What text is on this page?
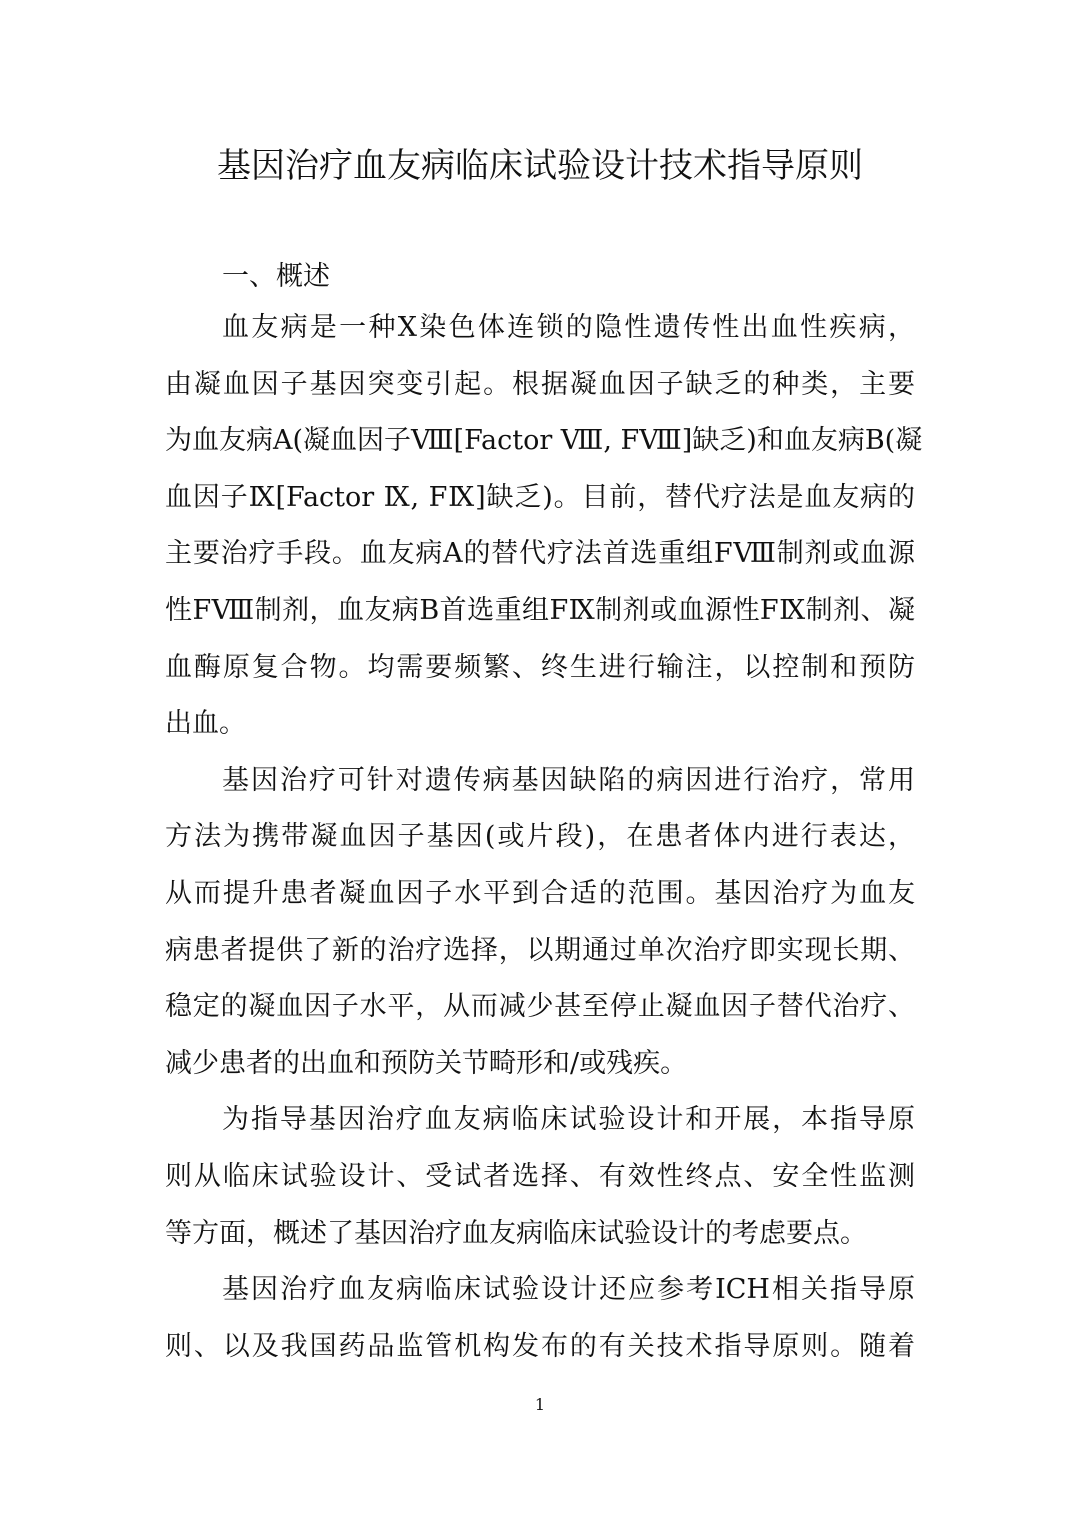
基因治疗血友病临床试验设计技术指导原则
一、概述
血友病是一种X染色体连锁的隐性遗传性出血性疾病，
由凝血因子基因突变引起。根据凝血因子缺乏的种类，主要
为血友病A(凝血因子Ⅷ[Factor Ⅷ, FⅧ]缺乏)和血友病B(凝
血因子Ⅸ[Factor Ⅸ, FⅨ]缺乏)。目前，替代疗法是血友病的
主要治疗手段。血友病A的替代疗法首选重组FⅧ制剂或血源
性FⅧ制剂，血友病B首选重组FⅨ制剂或血源性FⅨ制剂、凝
血酶原复合物。均需要频繁、终生进行输注，以控制和预防
出血。
基因治疗可针对遗传病基因缺陷的病因进行治疗，常用
方法为携带凝血因子基因(或片段)，在患者体内进行表达，
从而提升患者凝血因子水平到合适的范围。基因治疗为血友
病患者提供了新的治疗选择，以期通过单次治疗即实现长期、
稳定的凝血因子水平，从而减少甚至停止凝血因子替代治疗、
减少患者的出血和预防关节畸形和/或残疾。
为指导基因治疗血友病临床试验设计和开展，本指导原
则从临床试验设计、受试者选择、有效性终点、安全性监测
等方面，概述了基因治疗血友病临床试验设计的考虑要点。
基因治疗血友病临床试验设计还应参考ICH相关指导原
则、以及我国药品监管机构发布的有关技术指导原则。随着
1
